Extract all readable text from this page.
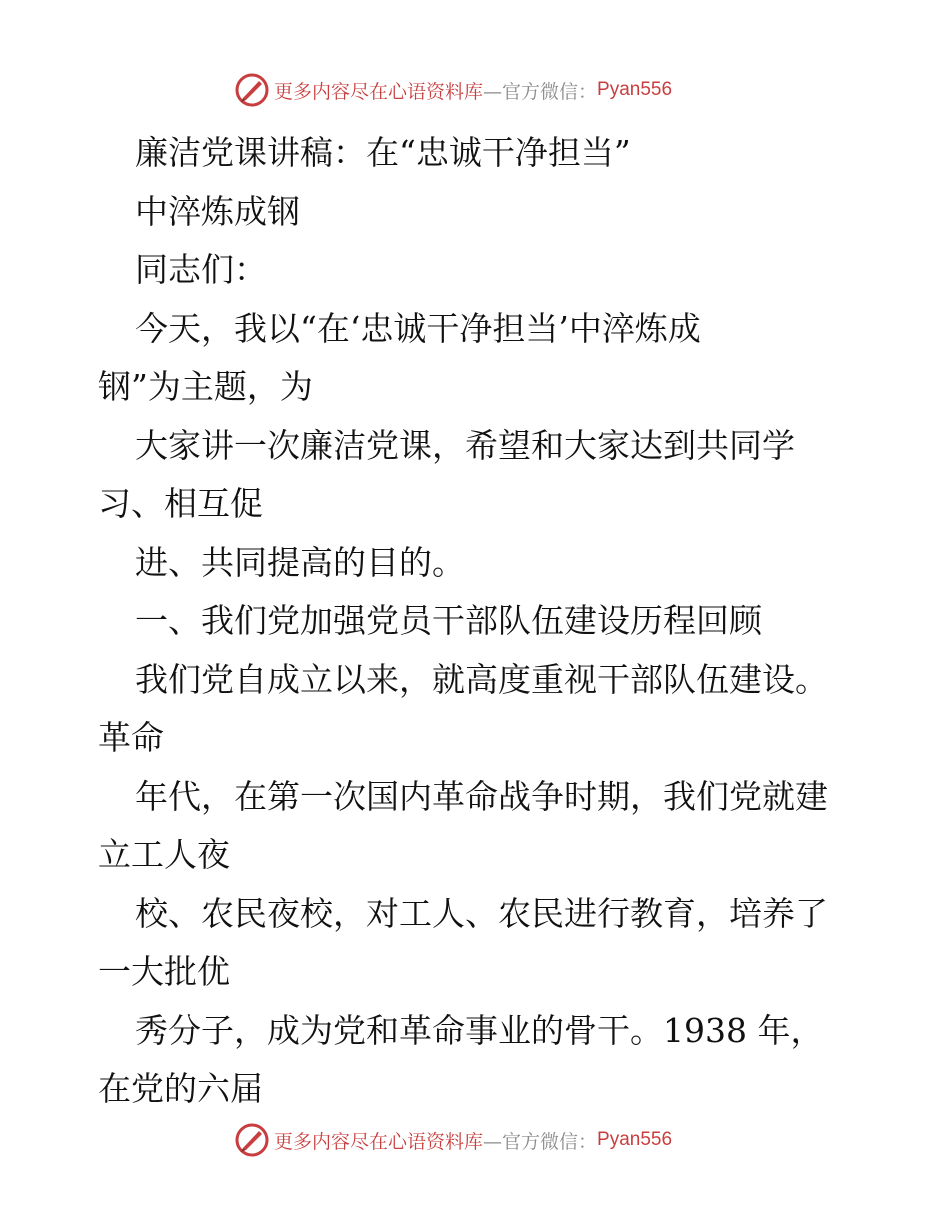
更多内容尽在心语资料库 —官方微信： Pyan556
廉洁党课讲稿：在“忠诚干净担当”
中淬炼成钢
同志们：
今天，我以“在‘忠诚干净担当’中淬炼成
钢”为主题，为
大家讲一次廉洁党课，希望和大家达到共同学
习、相互促
进、共同提高的目的。
一、我们党加强党员干部队伍建设历程回顾
我们党自成立以来，就高度重视干部队伍建设。
革命
年代，在第一次国内革命战争时期，我们党就建
立工人夜
校、农民夜校，对工人、农民进行教育，培养了
一大批优
秀分子，成为党和革命事业的骨干。1938 年，
在党的六届
更多内容尽在心语资料库 —官方微信： Pyan556
